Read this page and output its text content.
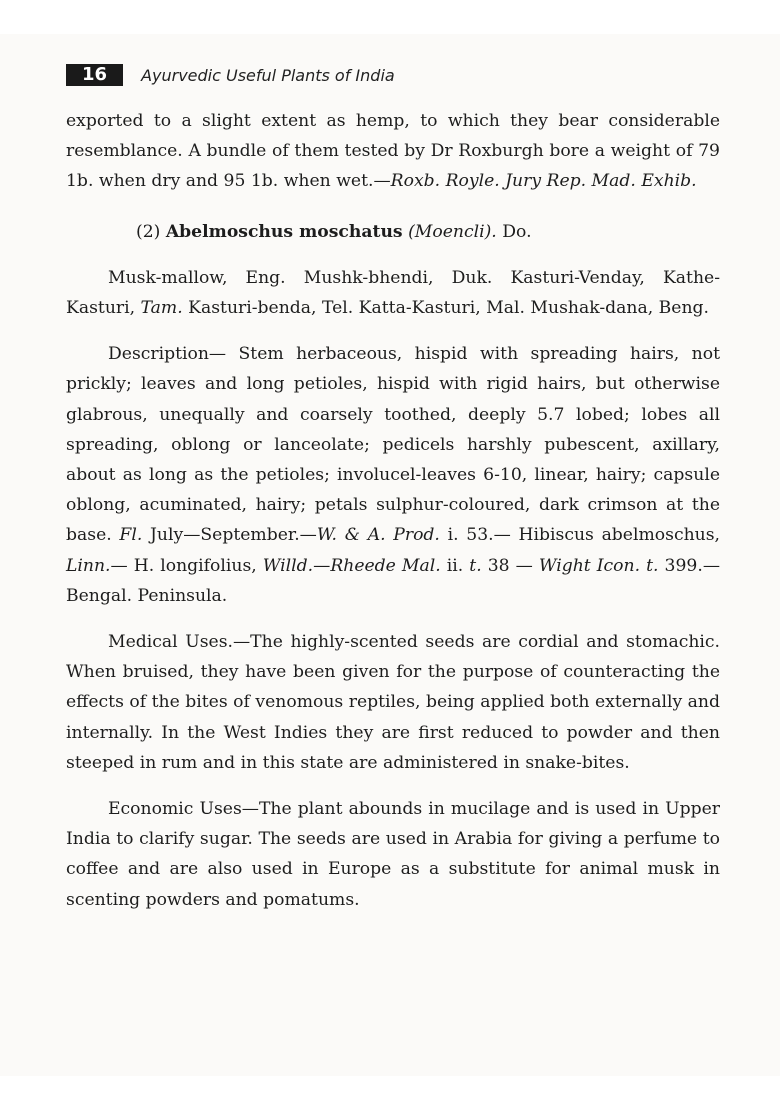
16	Ayurvedic Useful Plants of India

exported to a slight extent as hemp, to which they bear considerable resemblance. A bundle of them tested by Dr Roxburgh bore a weight of 79 1b. when dry and 95 1b. when wet.—Roxb. Royle. Jury Rep. Mad. Exhib.

(2) Abelmoschus moschatus (Moencli). Do.

Musk-mallow, Eng. Mushk-bhendi, Duk. Kasturi-Venday, Kathe-Kasturi, Tam. Kasturi-benda, Tel. Katta-Kasturi, Mal. Mushak-dana, Beng.

Description— Stem herbaceous, hispid with spreading hairs, not prickly; leaves and long petioles, hispid with rigid hairs, but otherwise glabrous, unequally and coarsely toothed, deeply 5.7 lobed; lobes all spreading, oblong or lanceolate; pedicels harshly pubescent, axillary, about as long as the petioles; involucel-leaves 6-10, linear, hairy; capsule oblong, acuminated, hairy; petals sulphur-coloured, dark crimson at the base. Fl. July—September.—W. & A. Prod. i. 53.— Hibiscus abelmoschus, Linn.— H. longifolius, Willd.—Rheede Mal. ii. t. 38 — Wight Icon. t. 399.— Bengal. Peninsula.

Medical Uses.—The highly-scented seeds are cordial and stomachic. When bruised, they have been given for the purpose of counteracting the effects of the bites of venomous reptiles, being applied both externally and internally. In the West Indies they are first reduced to powder and then steeped in rum and in this state are administered in snake-bites.

Economic Uses—The plant abounds in mucilage and is used in Upper India to clarify sugar. The seeds are used in Arabia for giving a perfume to coffee and are also used in Europe as a substitute for animal musk in scenting powders and pomatums.
